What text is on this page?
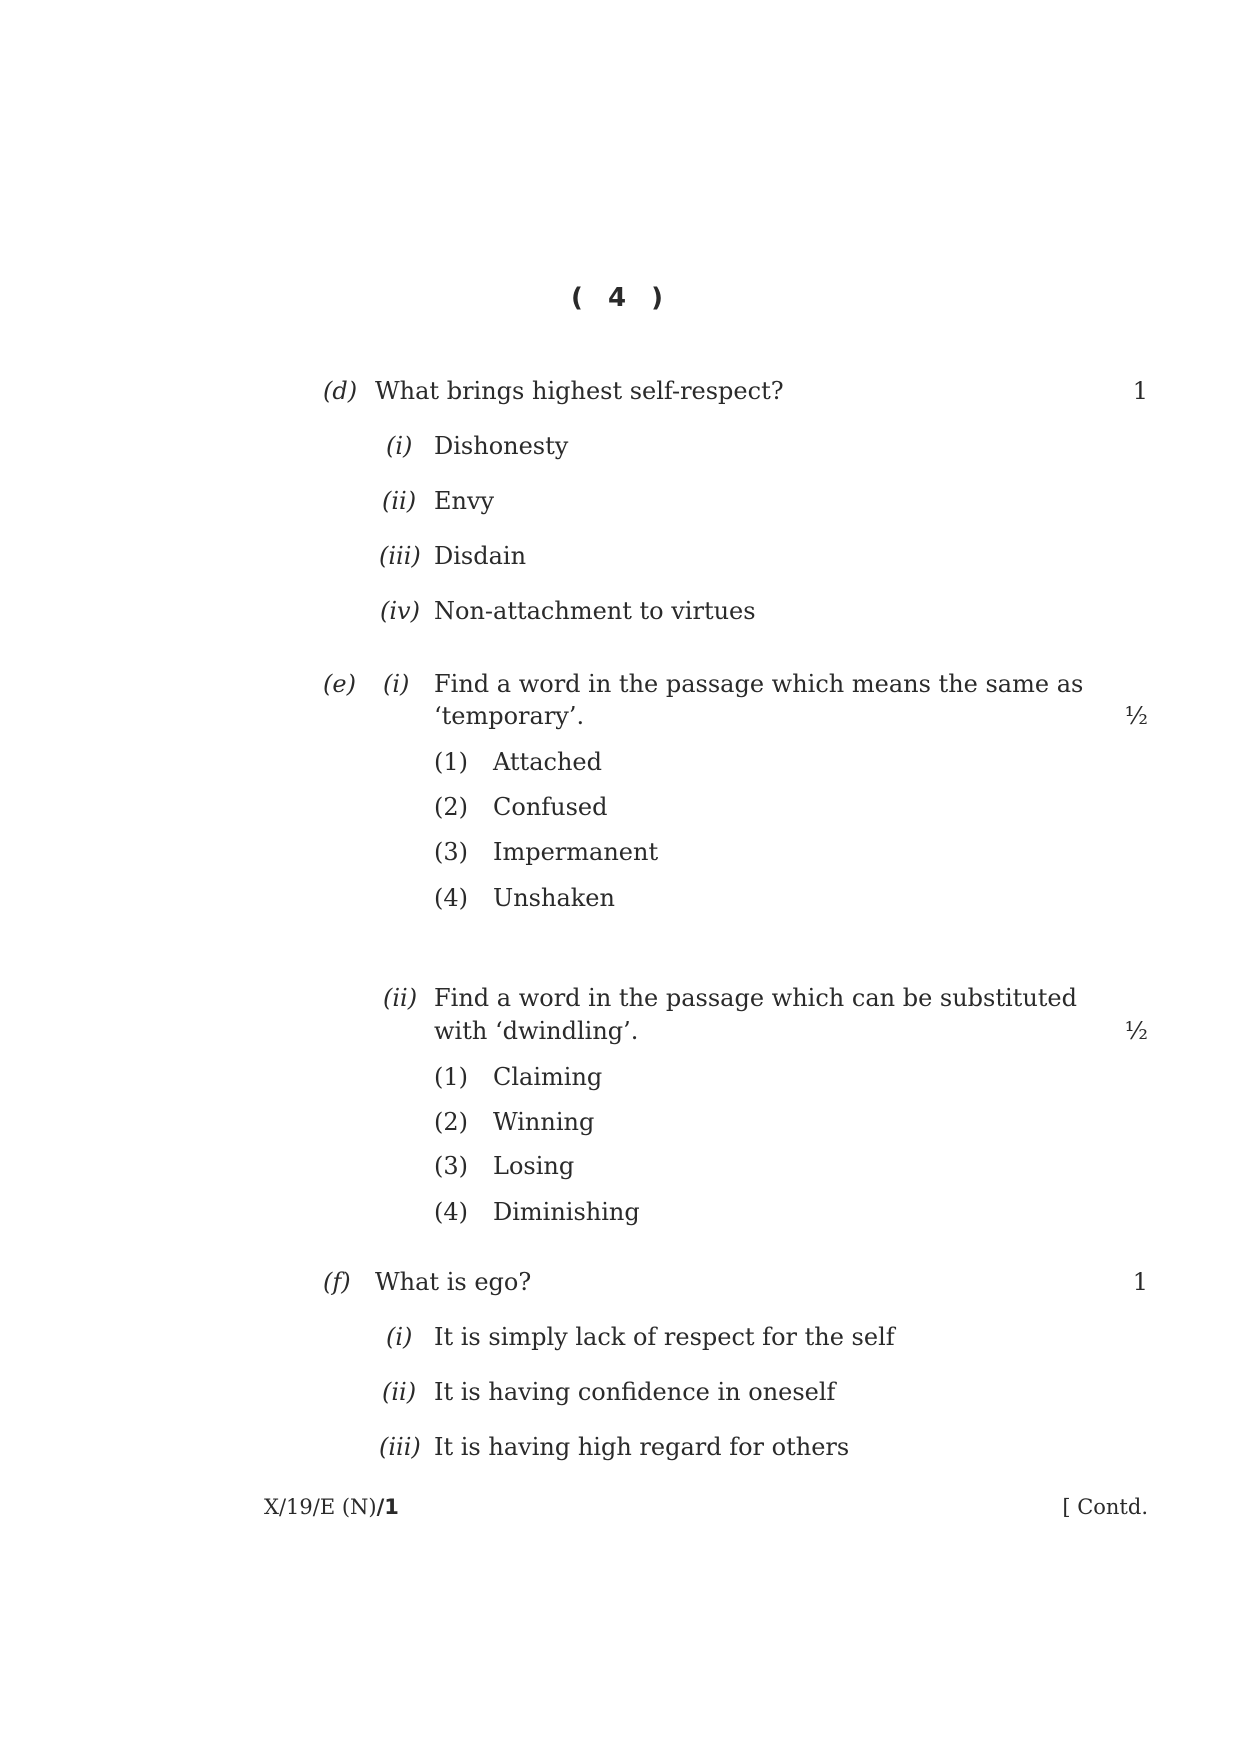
( 4 )
(d) What brings highest self-respect?	1
(i) Dishonesty
(ii) Envy
(iii) Disdain
(iv) Non-attachment to virtues
(e) (i) Find a word in the passage which means the same as
‘temporary’.	½
(1) Attached
(2) Confused
(3) Impermanent
(4) Unshaken
(ii) Find a word in the passage which can be substituted
with ‘dwindling’.	½
(1) Claiming
(2) Winning
(3) Losing
(4) Diminishing
(f) What is ego?	1
(i) It is simply lack of respect for the self
(ii) It is having confidence in oneself
(iii) It is having high regard for others
X/19/E (N)/1	[ Contd.
